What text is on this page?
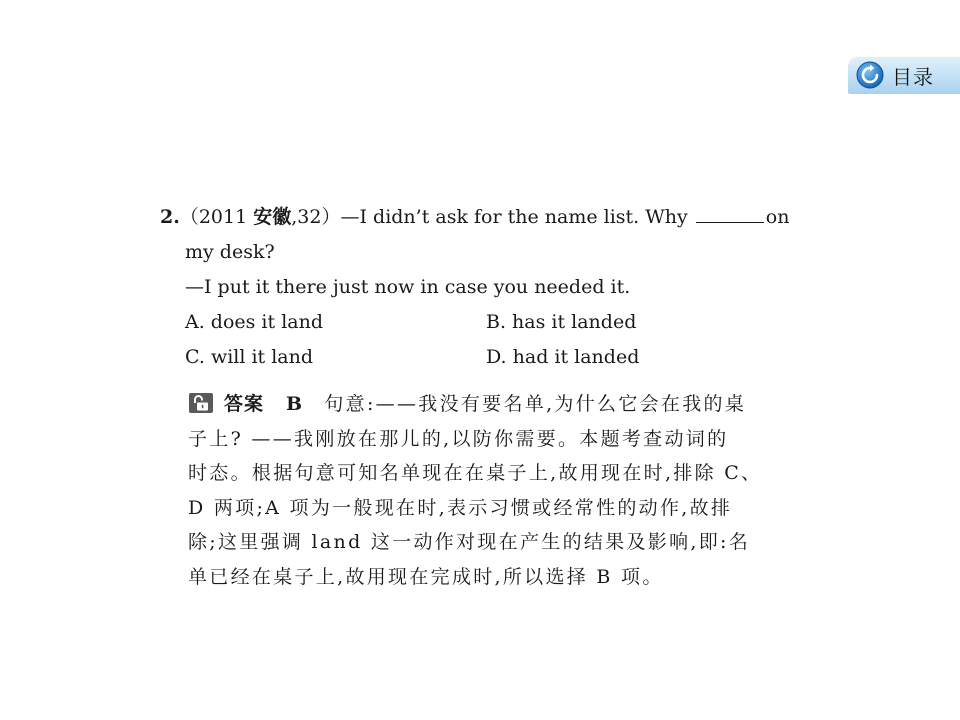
目录
2.（2011 安徽,32）—I didn’t ask for the name list. Why	on
my desk?
—I put it there just now in case you needed it.
A. does it land	B. has it landed
C. will it land	D. had it landed
答案 B 句意:——我没有要名单,为什么它会在我的桌
子上? ——我刚放在那儿的,以防你需要。本题考查动词的
时态。根据句意可知名单现在在桌子上,故用现在时,排除 C、
D 两项;A 项为一般现在时,表示习惯或经常性的动作,故排
除;这里强调 land 这一动作对现在产生的结果及影响,即:名
单已经在桌子上,故用现在完成时,所以选择 B 项。
